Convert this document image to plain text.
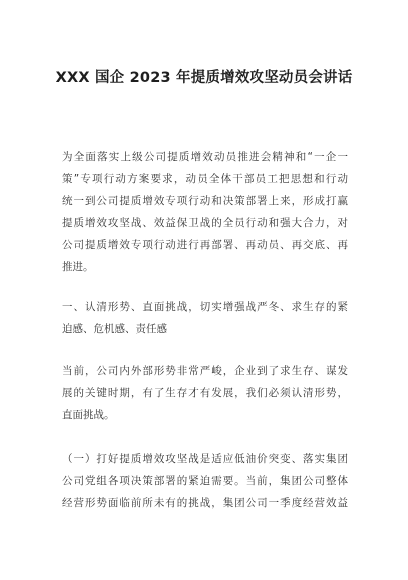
XXX 国企 2023 年提质增效攻坚动员会讲话
为全面落实上级公司提质增效动员推进会精神和“一企一
策”专项行动方案要求，动员全体干部员工把思想和行动
统一到公司提质增效专项行动和决策部署上来，形成打赢
提质增效攻坚战、效益保卫战的全员行动和强大合力，对
公司提质增效专项行动进行再部署、再动员、再交底、再
推进。
一、认清形势、直面挑战，切实增强战严冬、求生存的紧
迫感、危机感、责任感
当前，公司内外部形势非常严峻，企业到了求生存、谋发
展的关键时期，有了生存才有发展，我们必须认清形势，
直面挑战。
（一）打好提质增效攻坚战是适应低油价突变、落实集团
公司党组各项决策部署的紧迫需要。当前，集团公司整体
经营形势面临前所未有的挑战，集团公司一季度经营效益
